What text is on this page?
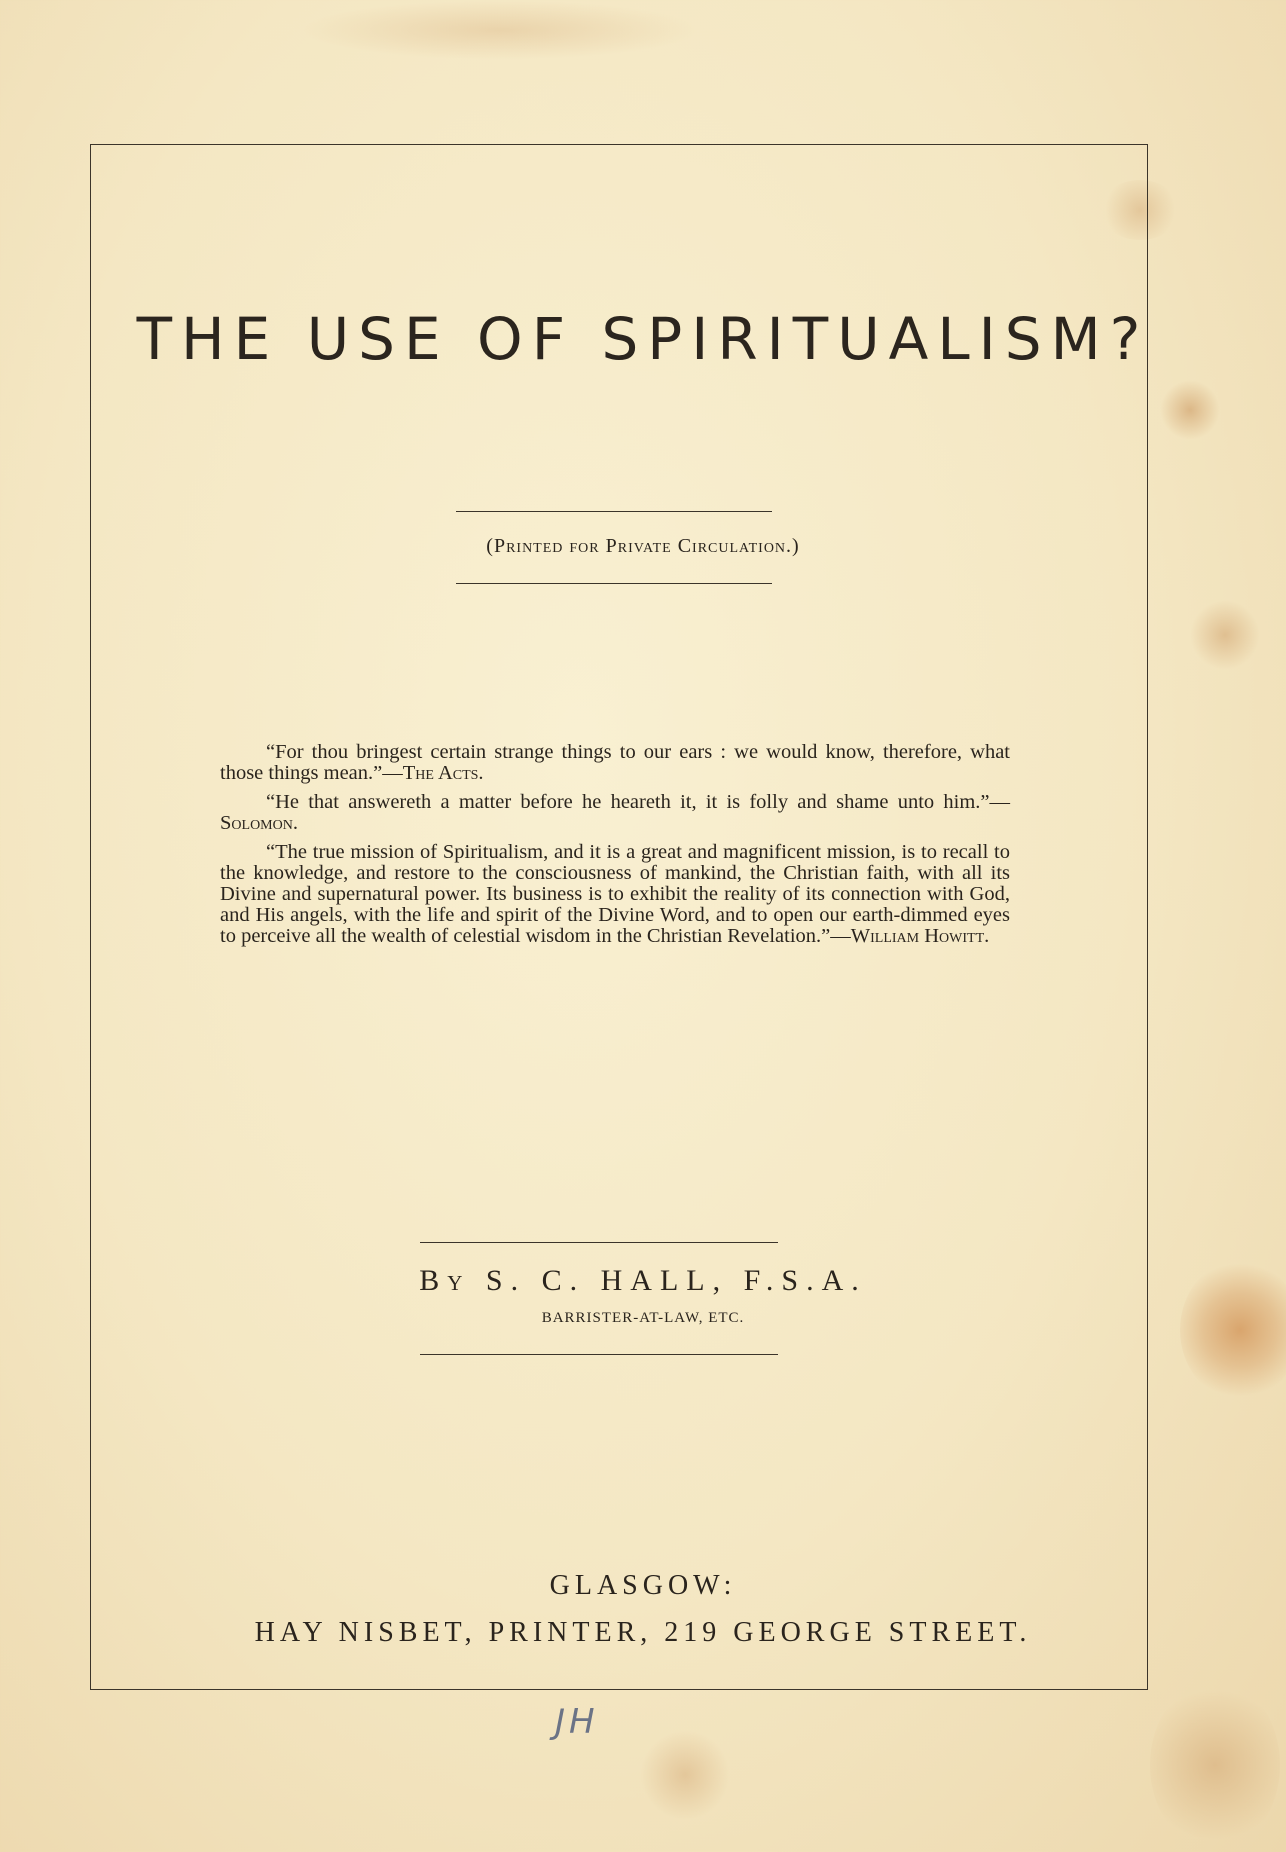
THE USE OF SPIRITUALISM?
(Printed for Private Circulation.)

“For thou bringest certain strange things to our ears : we would know, therefore, what those things mean.”—The Acts.

“He that answereth a matter before he heareth it, it is folly and shame unto him.”—Solomon.

“The true mission of Spiritualism, and it is a great and magnificent mission, is to recall to the knowledge, and restore to the consciousness of mankind, the Christian faith, with all its Divine and supernatural power. Its business is to exhibit the reality of its connection with God, and His angels, with the life and spirit of the Divine Word, and to open our earth-dimmed eyes to perceive all the wealth of celestial wisdom in the Christian Revelation.”—William Howitt.

By S. C. HALL, F.S.A.
BARRISTER-AT-LAW, ETC.
GLASGOW:
HAY NISBET, PRINTER, 219 GEORGE STREET.
JH
